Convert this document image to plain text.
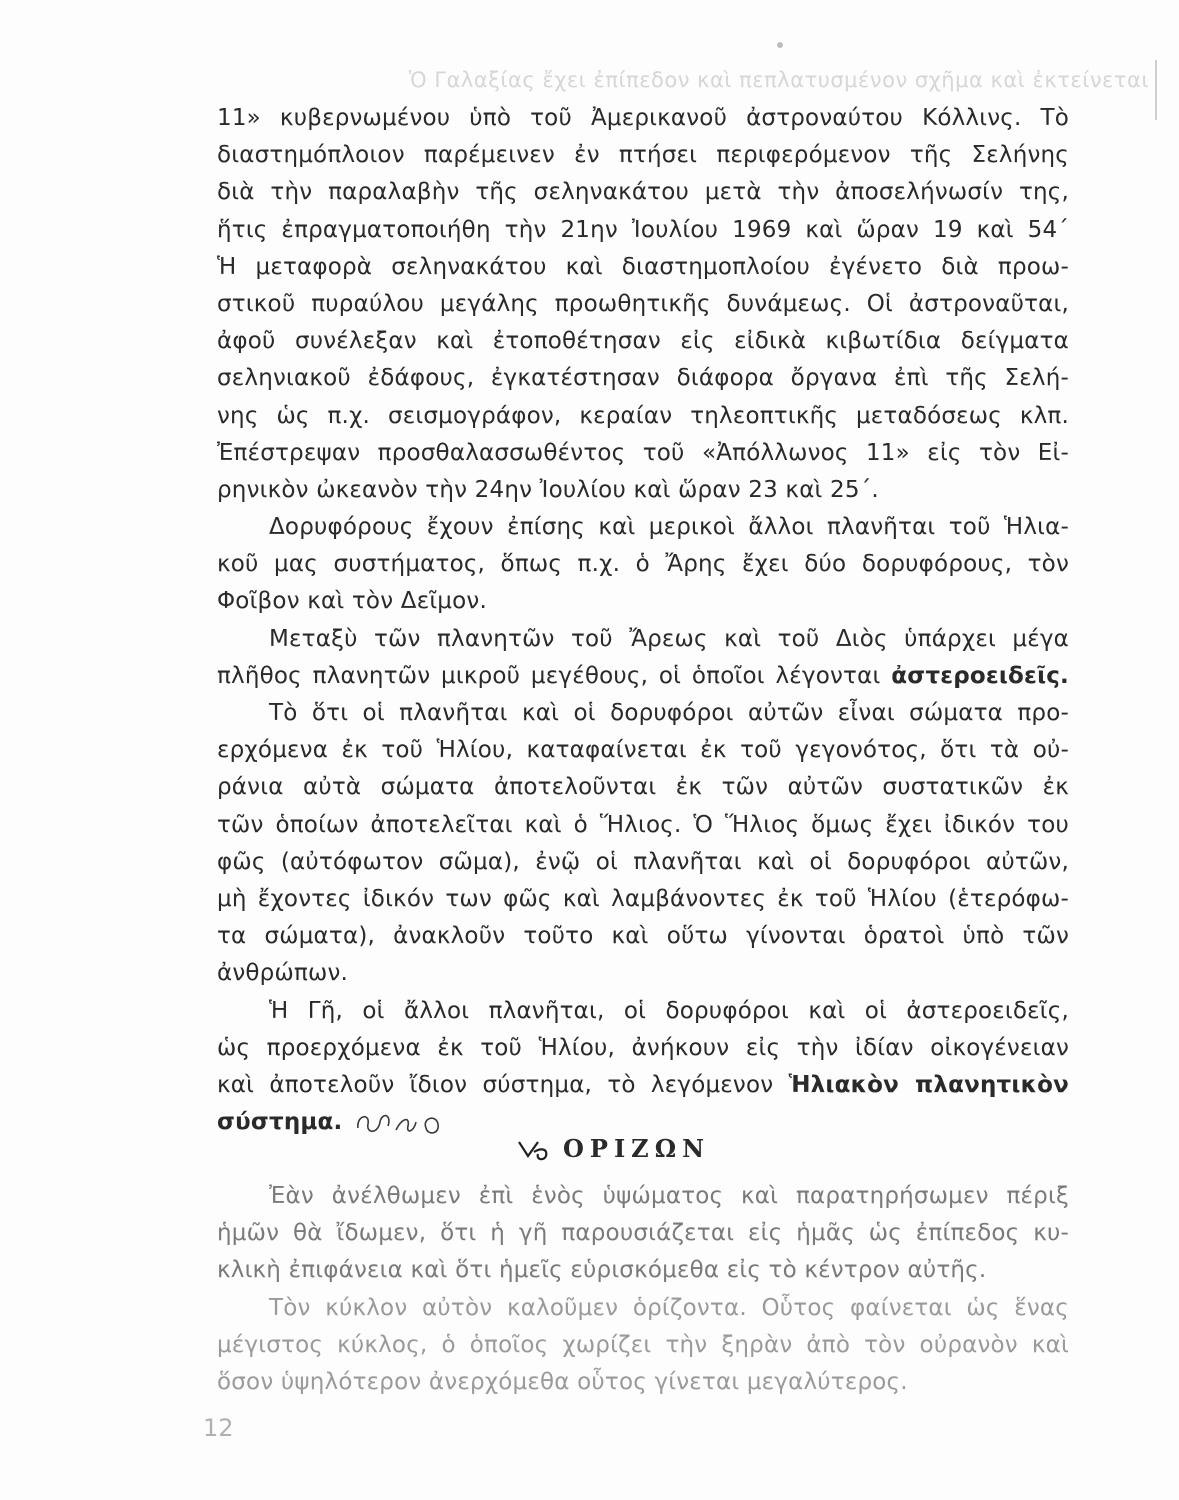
Ὁ Γαλαξίας ἔχει ἐπίπεδον καὶ πεπλατυσμένον σχῆμα καὶ ἐκτείνεται
11» κυβερνωμένου ὑπὸ τοῦ Ἀμερικανοῦ ἀστροναύτου Κόλλινς. Τὸ
διαστημόπλοιον παρέμεινεν ἐν πτήσει περιφερόμενον τῆς Σελήνης
διὰ τὴν παραλαβὴν τῆς σεληνακάτου μετὰ τὴν ἀποσελήνωσίν της,
ἥτις ἐπραγματοποιήθη τὴν 21ην Ἰουλίου 1969 καὶ ὥραν 19 καὶ 54΄
Ἡ μεταφορὰ σεληνακάτου καὶ διαστημοπλοίου ἐγένετο διὰ προω-
στικοῦ πυραύλου μεγάλης προωθητικῆς δυνάμεως. Οἱ ἀστροναῦται,
ἀφοῦ συνέλεξαν καὶ ἐτοποθέτησαν εἰς εἰδικὰ κιβωτίδια δείγματα
σεληνιακοῦ ἐδάφους, ἐγκατέστησαν διάφορα ὄργανα ἐπὶ τῆς Σελή-
νης ὡς π.χ. σεισμογράφον, κεραίαν τηλεοπτικῆς μεταδόσεως κλπ.
Ἐπέστρεψαν προσθαλασσωθέντος τοῦ «Ἀπόλλωνος 11» εἰς τὸν Εἰ-
ρηνικὸν ὠκεανὸν τὴν 24ην Ἰουλίου καὶ ὥραν 23 καὶ 25΄.
Δορυφόρους ἔχουν ἐπίσης καὶ μερικοὶ ἄλλοι πλανῆται τοῦ Ἡλια-
κοῦ μας συστήματος, ὅπως π.χ. ὁ Ἄρης ἔχει δύο δορυφόρους, τὸν
Φοῖβον καὶ τὸν Δεῖμον.
Μεταξὺ τῶν πλανητῶν τοῦ Ἄρεως καὶ τοῦ Διὸς ὑπάρχει μέγα
πλῆθος πλανητῶν μικροῦ μεγέθους, οἱ ὁποῖοι λέγονται ἀστεροειδεῖς.
Τὸ ὅτι οἱ πλανῆται καὶ οἱ δορυφόροι αὐτῶν εἶναι σώματα προ-
ερχόμενα ἐκ τοῦ Ἡλίου, καταφαίνεται ἐκ τοῦ γεγονότος, ὅτι τὰ οὐ-
ράνια αὐτὰ σώματα ἀποτελοῦνται ἐκ τῶν αὐτῶν συστατικῶν ἐκ
τῶν ὁποίων ἀποτελεῖται καὶ ὁ Ἥλιος. Ὁ Ἥλιος ὅμως ἔχει ἰδικόν του
φῶς (αὐτόφωτον σῶμα), ἐνῷ οἱ πλανῆται καὶ οἱ δορυφόροι αὐτῶν,
μὴ ἔχοντες ἰδικόν των φῶς καὶ λαμβάνοντες ἐκ τοῦ Ἡλίου (ἑτερόφω-
τα σώματα), ἀνακλοῦν τοῦτο καὶ οὕτω γίνονται ὁρατοὶ ὑπὸ τῶν
ἀνθρώπων.
Ἡ Γῆ, οἱ ἄλλοι πλανῆται, οἱ δορυφόροι καὶ οἱ ἀστεροειδεῖς,
ὡς προερχόμενα ἐκ τοῦ Ἡλίου, ἀνήκουν εἰς τὴν ἰδίαν οἰκογένειαν
καὶ ἀποτελοῦν ἴδιον σύστημα, τὸ λεγόμενον Ἡλιακὸν πλανητικὸν
σύστημα.
ΟΡΙΖΩΝ
Ἐὰν ἀνέλθωμεν ἐπὶ ἑνὸς ὑψώματος καὶ παρατηρήσωμεν πέριξ
ἡμῶν θὰ ἴδωμεν, ὅτι ἡ γῆ παρουσιάζεται εἰς ἡμᾶς ὡς ἐπίπεδος κυ-
κλικὴ ἐπιφάνεια καὶ ὅτι ἡμεῖς εὑρισκόμεθα εἰς τὸ κέντρον αὐτῆς.
Τὸν κύκλον αὐτὸν καλοῦμεν ὁρίζοντα. Οὗτος φαίνεται ὡς ἕνας
μέγιστος κύκλος, ὁ ὁποῖος χωρίζει τὴν ξηρὰν ἀπὸ τὸν οὐρανὸν καὶ
ὅσον ὑψηλότερον ἀνερχόμεθα οὗτος γίνεται μεγαλύτερος.
12
